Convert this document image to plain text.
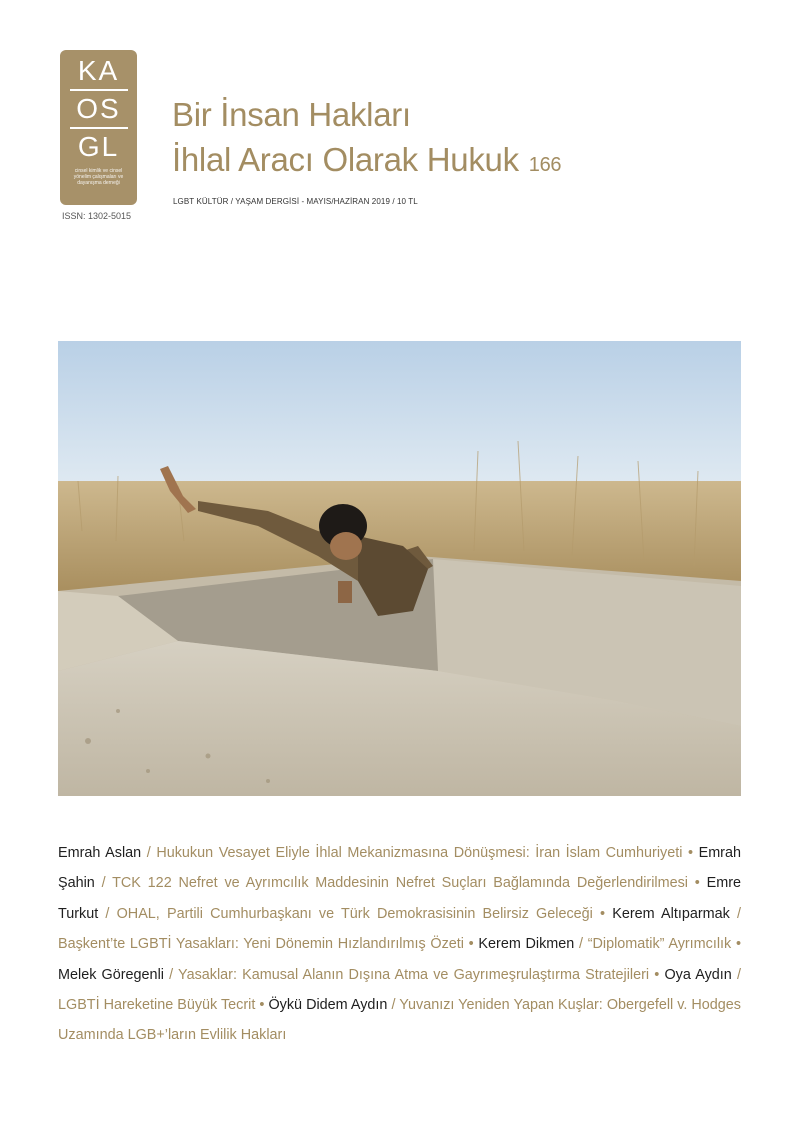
KA
OS
GL
cinsel kimlik ve cinsel yönelim çalışmaları ve dayanışma derneği
ISSN: 1302-5015
Bir İnsan Hakları
İhlal Aracı Olarak Hukuk 166
LGBT KÜLTÜR / YAŞAM DERGİSİ - MAYIS/HAZİRAN 2019 / 10 TL
Emrah Aslan / Hukukun Vesayet Eliyle İhlal Mekanizmasına Dönüşmesi: İran İslam Cumhuriyeti • Emrah Şahin / TCK 122 Nefret ve Ayrımcılık Maddesinin Nefret Suçları Bağlamında Değerlendirilmesi • Emre Turkut / OHAL, Partili Cumhurbaşkanı ve Türk Demokrasisinin Belirsiz Geleceği • Kerem Altıparmak / Başkent’te LGBTİ Yasakları: Yeni Dönemin Hızlandırılmış Özeti • Kerem Dikmen / “Diplomatik” Ayrımcılık • Melek Göregenli / Yasaklar: Kamusal Alanın Dışına Atma ve Gayrımeşrulaştırma Stratejileri • Oya Aydın / LGBTİ Hareketine Büyük Tecrit • Öykü Didem Aydın / Yuvanızı Yeniden Yapan Kuşlar: Obergefell v. Hodges Uzamında LGB+’ların Evlilik Hakları
